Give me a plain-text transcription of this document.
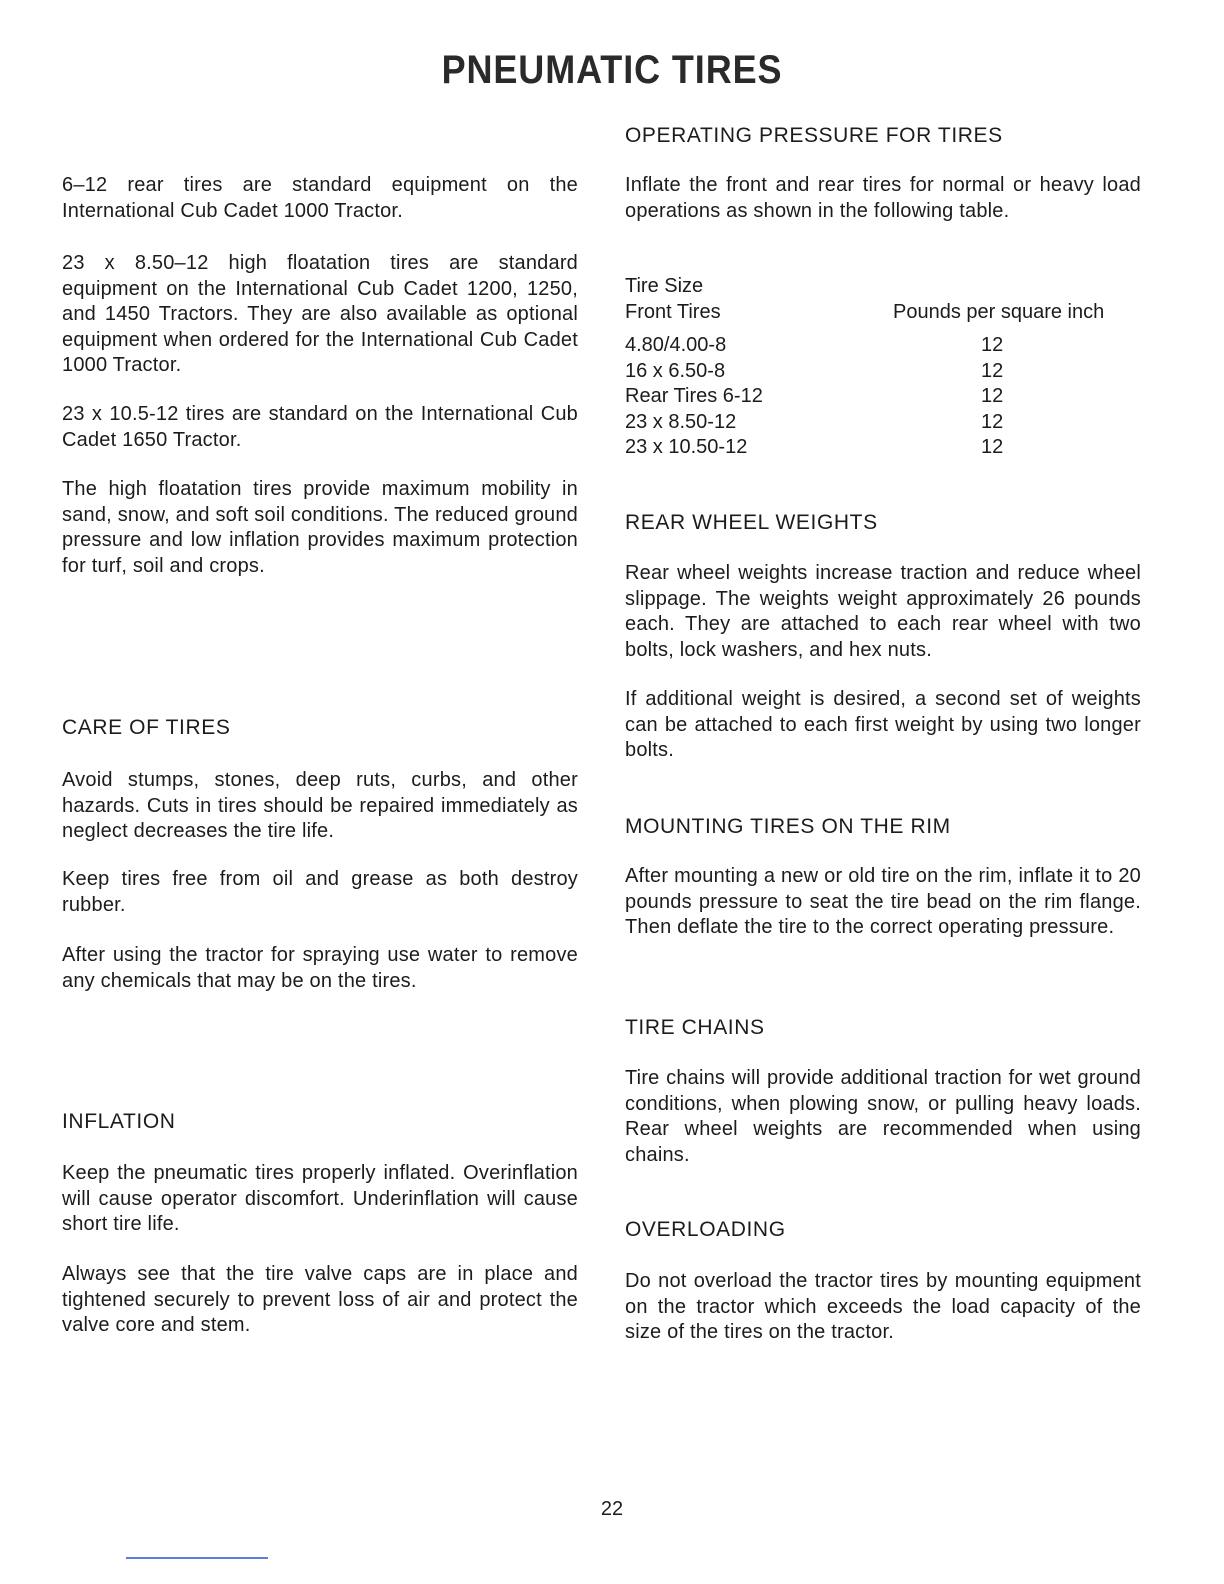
PNEUMATIC TIRES
6–12 rear tires are standard equipment on the International Cub Cadet 1000 Tractor.
23 x 8.50–12 high floatation tires are standard equipment on the International Cub Cadet 1200, 1250, and 1450 Tractors. They are also available as optional equipment when ordered for the International Cub Cadet 1000 Tractor.
23 x 10.5-12 tires are standard on the International Cub Cadet 1650 Tractor.
The high floatation tires provide maximum mobility in sand, snow, and soft soil conditions. The reduced ground pressure and low inflation provides maximum protection for turf, soil and crops.
CARE OF TIRES
Avoid stumps, stones, deep ruts, curbs, and other hazards. Cuts in tires should be repaired immediately as neglect decreases the tire life.
Keep tires free from oil and grease as both destroy rubber.
After using the tractor for spraying use water to remove any chemicals that may be on the tires.
INFLATION
Keep the pneumatic tires properly inflated. Overinflation will cause operator discomfort. Underinflation will cause short tire life.
Always see that the tire valve caps are in place and tightened securely to prevent loss of air and protect the valve core and stem.
OPERATING PRESSURE FOR TIRES
Inflate the front and rear tires for normal or heavy load operations as shown in the following table.
Tire Size
Front Tires	Pounds per square inch
4.80/4.00-8	12
16 x 6.50-8	12
Rear Tires 6-12	12
23 x 8.50-12	12
23 x 10.50-12	12
REAR WHEEL WEIGHTS
Rear wheel weights increase traction and reduce wheel slippage. The weights weight approximately 26 pounds each. They are attached to each rear wheel with two bolts, lock washers, and hex nuts.
If additional weight is desired, a second set of weights can be attached to each first weight by using two longer bolts.
MOUNTING TIRES ON THE RIM
After mounting a new or old tire on the rim, inflate it to 20 pounds pressure to seat the tire bead on the rim flange. Then deflate the tire to the correct operating pressure.
TIRE CHAINS
Tire chains will provide additional traction for wet ground conditions, when plowing snow, or pulling heavy loads. Rear wheel weights are recommended when using chains.
OVERLOADING
Do not overload the tractor tires by mounting equipment on the tractor which exceeds the load capacity of the size of the tires on the tractor.
22
